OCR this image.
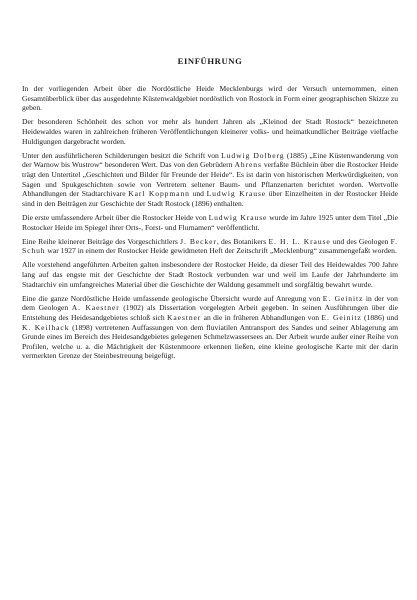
EINFÜHRUNG

In der vorliegenden Arbeit über die Nordöstliche Heide Mecklenburgs wird der Versuch unternommen, einen Gesamtüberblick über das ausgedehnte Küstenwaldgebiet nordöstlich von Rostock in Form einer geographischen Skizze zu geben.

Der besonderen Schönheit des schon vor mehr als hundert Jahren als „Kleinod der Stadt Rostock“ bezeichneten Heidewaldes waren in zahlreichen früheren Veröffentlichungen kleinerer volks- und heimatkundlicher Beiträge vielfache Huldigungen dargebracht worden.

Unter den ausführlicheren Schilderungen besitzt die Schrift von Ludwig Dolberg (1885) „Eine Küstenwanderung von der Warnow bis Wustrow“ besonderen Wert. Das von den Gebrüdern Ahrens verfaßte Büchlein über die Rostocker Heide trägt den Untertitel „Geschichten und Bilder für Freunde der Heide“. Es ist darin von historischen Merkwürdigkeiten, von Sagen und Spukgeschichten sowie von Vertretern seltener Baum- und Pflanzenarten berichtet worden. Wertvolle Abhandlungen der Stadtarchivare Karl Koppmann und Ludwig Krause über Einzelheiten in der Rostocker Heide sind in den Beiträgen zur Geschichte der Stadt Rostock (1896) enthalten.

Die erste umfassendere Arbeit über die Rostocker Heide von Ludwig Krause wurde im Jahre 1925 unter dem Titel „Die Rostocker Heide im Spiegel ihrer Orts-, Forst- und Flurnamen“ veröffentlicht.

Eine Reihe kleinerer Beiträge des Vorgeschichtlers J. Becker, des Botanikers E. H. L. Krause und des Geologen F. Schuh war 1927 in einem der Rostocker Heide gewidmeten Heft der Zeitschrift „Mecklenburg“ zusammengefaßt worden.

Alle vorstehend angeführten Arbeiten galten insbesondere der Rostocker Heide, da dieser Teil des Heidewaldes 700 Jahre lang auf das engste mit der Geschichte der Stadt Rostock verbunden war und weil im Laufe der Jahrhunderte im Stadtarchiv ein umfangreiches Material über die Geschichte der Waldung gesammelt und sorgfältig bewahrt wurde.

Eine die ganze Nordöstliche Heide umfassende geologische Übersicht wurde auf Anregung von E. Geinitz in der von dem Geologen A. Kaestner (1902) als Dissertation vorgelegten Arbeit gegeben. In seinen Ausführungen über die Entstehung des Heidesandgebietes schloß sich Kaestner an die in früheren Abhandlungen von E. Geinitz (1886) und K. Keilhack (1898) vertretenen Auffassungen von dem fluviatilen Antransport des Sandes und seiner Ablagerung am Grunde eines im Bereich des Heidesandgebietes gelegenen Schmelzwassersees an. Der Arbeit wurde außer einer Reihe von Profilen, welche u. a. die Mächtigkeit der Küstenmoore erkennen ließen, eine kleine geologische Karte mit der darin vermerkten Grenze der Steinbestreuung beigefügt.
